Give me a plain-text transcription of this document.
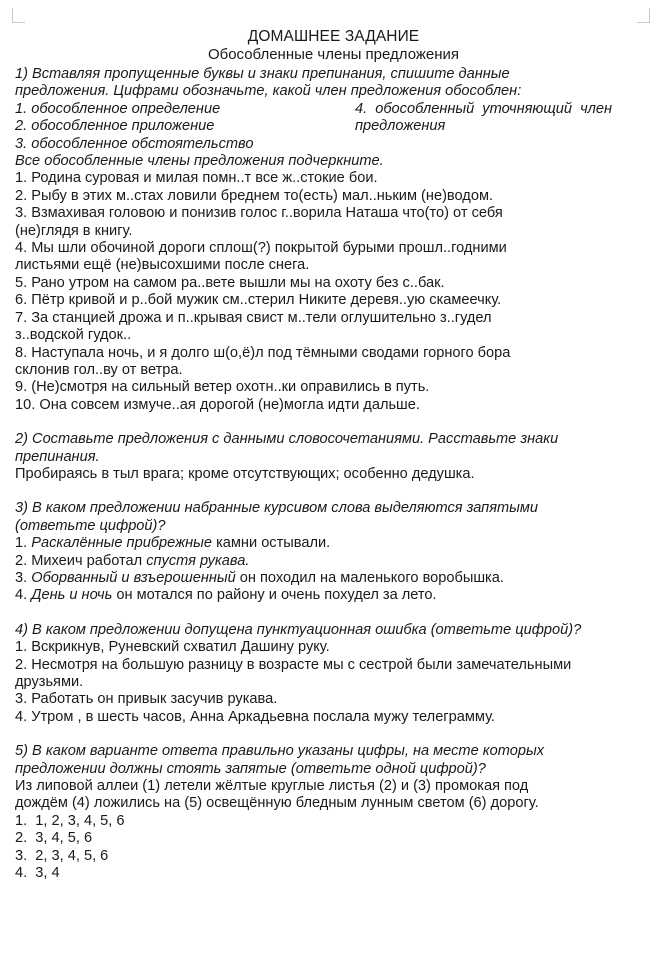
ДОМАШНЕЕ ЗАДАНИЕ
Обособленные члены предложения

1) Вставляя пропущенные буквы и знаки препинания, спишите данные

предложения. Цифрами обозначьте, какой член предложения обособлен:

1. обособленное определение

2. обособленное приложение

3. обособленное обстоятельство

4. обособленный уточняющий член

предложения

Все обособленные члены предложения подчеркните.

1. Родина суровая и милая помн..т все ж..стокие бои.

2. Рыбу в этих м..стах ловили бреднем то(есть) мал..ньким (не)водом.

3. Взмахивая головою и понизив голос г..ворила Наташа что(то) от себя

(не)глядя в книгу.

4. Мы шли обочиной дороги сплош(?) покрытой бурыми прошл..годними

листьями ещё (не)высохшими после снега.

5. Рано утром на самом ра..вете вышли мы на охоту без с..бак.

6. Пётр кривой и р..бой мужик см..стерил Никите деревя..ую скамеечку.

7. За станцией дрожа и п..крывая свист м..тели оглушительно з..гудел

з..водской гудок..

8. Наступала ночь, и я долго ш(о,ё)л под тёмными сводами горного бора

склонив гол..ву от ветра.

9. (Не)смотря на сильный ветер охотн..ки оправились в путь.

10. Она совсем измуче..ая дорогой (не)могла идти дальше.

2) Составьте предложения с данными словосочетаниями. Расставьте знаки

препинания.

Пробираясь в тыл врага; кроме отсутствующих; особенно дедушка.

3) В каком предложении набранные курсивом слова выделяются запятыми

(ответьте цифрой)?

1. Раскалённые прибрежные камни остывали.

2. Михеич работал спустя рукава.

3. Оборванный и взъерошенный он походил на маленького воробышка.

4. День и ночь он мотался по району и очень похудел за лето.

4) В каком предложении допущена пунктуационная ошибка (ответьте цифрой)?

1. Вскрикнув, Руневский схватил Дашину руку.

2. Несмотря на большую разницу в возрасте мы с сестрой были замечательными

друзьями.

3. Работать он привык засучив рукава.

4. Утром , в шесть часов, Анна Аркадьевна послала мужу телеграмму.

5) В каком варианте ответа правильно указаны цифры, на месте которых

предложении должны стоять запятые (ответьте одной цифрой)?

Из липовой аллеи (1) летели жёлтые круглые листья (2) и (3) промокая под

дождём (4) ложились на (5) освещённую бледным лунным светом (6) дорогу.

1.  1, 2, 3, 4, 5, 6

2.  3, 4, 5, 6

3.  2, 3, 4, 5, 6

4.  3, 4
